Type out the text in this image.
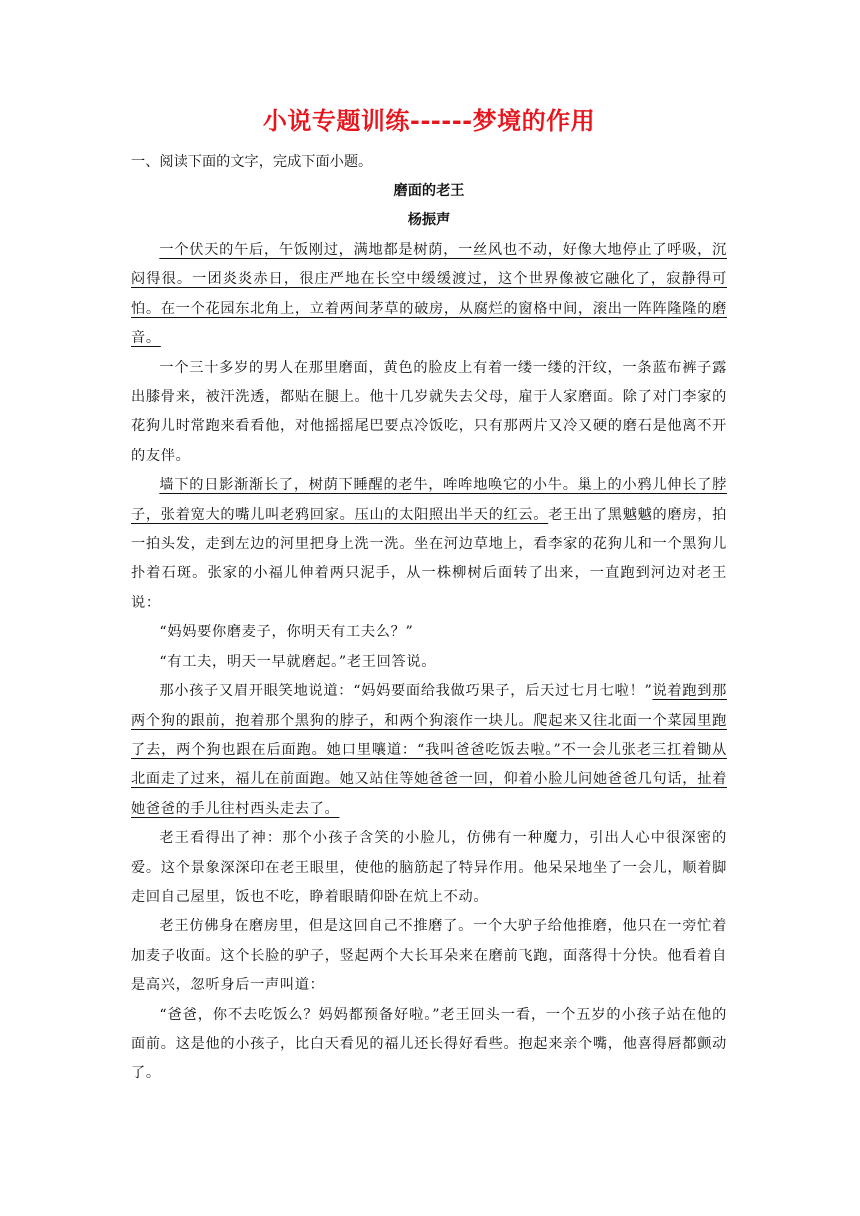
小说专题训练------梦境的作用
一、阅读下面的文字，完成下面小题。
磨面的老王
杨振声

一个伏天的午后，午饭刚过，满地都是树荫，一丝风也不动，好像大地停止了呼吸，沉闷得很。一团炎炎赤日，很庄严地在长空中缓缓渡过，这个世界像被它融化了，寂静得可怕。在一个花园东北角上，立着两间茅草的破房，从腐烂的窗格中间，滚出一阵阵隆隆的磨音。

一个三十多岁的男人在那里磨面，黄色的脸皮上有着一缕一缕的汗纹，一条蓝布裤子露出膝骨来，被汗洗透，都贴在腿上。他十几岁就失去父母，雇于人家磨面。除了对门李家的花狗儿时常跑来看看他，对他摇摇尾巴要点冷饭吃，只有那两片又冷又硬的磨石是他离不开的友伴。

墙下的日影渐渐长了，树荫下睡醒的老牛，哞哞地唤它的小牛。巢上的小鸦儿伸长了脖子，张着宽大的嘴儿叫老鸦回家。压山的太阳照出半天的红云。老王出了黑魆魆的磨房，拍一拍头发，走到左边的河里把身上洗一洗。坐在河边草地上，看李家的花狗儿和一个黑狗儿扑着石斑。张家的小福儿伸着两只泥手，从一株柳树后面转了出来，一直跑到河边对老王说：

“妈妈要你磨麦子，你明天有工夫么？”

“有工夫，明天一早就磨起。”老王回答说。

那小孩子又眉开眼笑地说道：“妈妈要面给我做巧果子，后天过七月七啦！”说着跑到那两个狗的跟前，抱着那个黑狗的脖子，和两个狗滚作一块儿。爬起来又往北面一个菜园里跑了去，两个狗也跟在后面跑。她口里嚷道：“我叫爸爸吃饭去啦。”不一会儿张老三扛着锄从北面走了过来，福儿在前面跑。她又站住等她爸爸一回，仰着小脸儿问她爸爸几句话，扯着她爸爸的手儿往村西头走去了。

老王看得出了神：那个小孩子含笑的小脸儿，仿佛有一种魔力，引出人心中很深密的爱。这个景象深深印在老王眼里，使他的脑筋起了特异作用。他呆呆地坐了一会儿，顺着脚走回自己屋里，饭也不吃，睁着眼睛仰卧在炕上不动。

老王仿佛身在磨房里，但是这回自己不推磨了。一个大驴子给他推磨，他只在一旁忙着加麦子收面。这个长脸的驴子，竖起两个大长耳朵来在磨前飞跑，面落得十分快。他看着自是高兴，忽听身后一声叫道：

“爸爸，你不去吃饭么？妈妈都预备好啦。”老王回头一看，一个五岁的小孩子站在他的面前。这是他的小孩子，比白天看见的福儿还长得好看些。抱起来亲个嘴，他喜得唇都颤动了。
